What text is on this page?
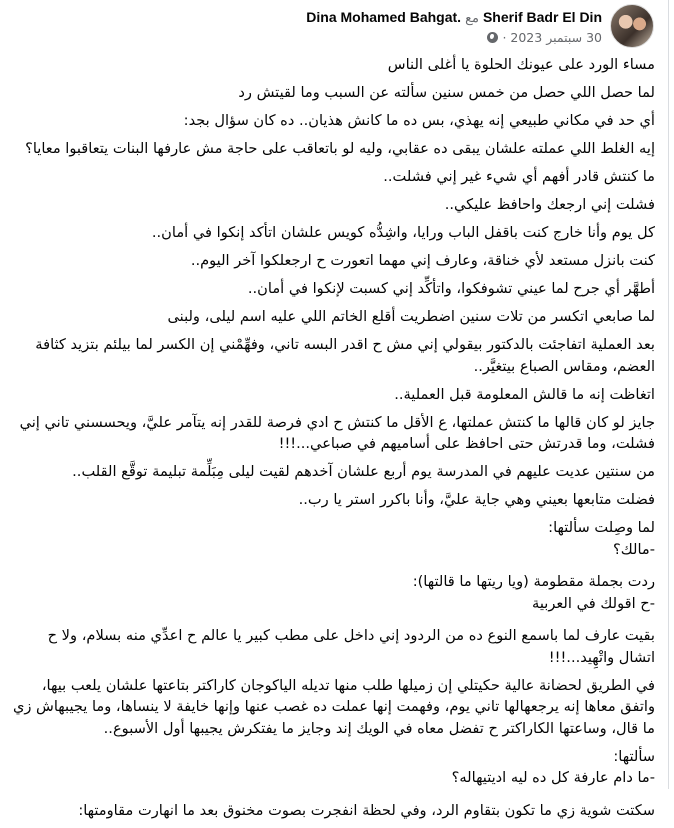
Dina Mohamed Bahgat. مع Sherif Badr El Din
30 سبتمبر 2023 ·
مساء الورد على عيونك الحلوة يا أغلى الناس
لما حصل اللي حصل من خمس سنين سألته عن السبب وما لقيتش رد
أي حد في مكاني طبيعي إنه يهذي، بس ده ما كانش هذيان.. ده كان سؤال بجد:
إيه الغلط اللي عملته علشان يبقى ده عقابي، وليه لو باتعاقب على حاجة مش عارفها البنات يتعاقبوا معايا؟
ما كنتش قادر أفهم أي شيء غير إني فشلت..
فشلت إني ارجعك واحافظ عليكي..
كل يوم وأنا خارج كنت باقفل الباب ورايا، واشِدُّه كويس علشان اتأكد إنكوا في أمان..
كنت بانزل مستعد لأي خناقة، وعارف إني مهما اتعورت ح ارجعلكوا آخر اليوم..
أطهَّر أي جرح لما عيني تشوفكوا، واتأكِّد إني كسبت لإنكوا في أمان..
لما صابعي اتكسر من تلات سنين اضطريت أقلع الخاتم اللي عليه اسم ليلى، ولبنى
بعد العملية اتفاجئت بالدكتور بيقولي إني مش ح اقدر البسه تاني، وفهِّمْني إن الكسر لما بيلئم بتزيد كثافة العضم، ومقاس الصباع بيتغيَّر..
اتغاظت إنه ما قالش المعلومة قبل العملية..
جايز لو كان قالها ما كنتش عملتها، ع الأقل ما كنتش ح ادي فرصة للقدر إنه يتآمر عليَّ، ويحسسني تاني إني فشلت، وما قدرتش حتى احافظ على أساميهم في صباعي...!!!
من سنتين عديت عليهم في المدرسة يوم أربع علشان آخدهم لقيت ليلى مِبَلِّمة تبليمة توقَّع القلب..
فضلت متابعها بعيني وهي جاية عليَّ، وأنا باكرر استر يا رب..
لما وصِلت سألتها:
-مالك؟
ردت بجملة مقطومة (ويا ريتها ما قالتها):
-ح اقولك في العربية
بقيت عارف لما باسمع النوع ده من الردود إني داخل على مطب كبير يا عالم ح اعدِّي منه بسلام، ولا ح اتشال واتْهِيد...!!!
في الطريق لحضانة عالية حكيتلي إن زميلها طلب منها تديله الياكوجان كاراكتر بتاعتها علشان يلعب بيها، واتفق معاها إنه يرجعهالها تاني يوم، وفهمت إنها عملت ده غصب عنها وإنها خايفة لا ينساها، وما يجيبهاش زي ما قال، وساعتها الكاراكتر ح تفضل معاه في الويك إند وجايز ما يفتكرش يجيبها أول الأسبوع..
سألتها:
-ما دام عارفة كل ده ليه اديتيهاله؟
سكتت شوية زي ما تكون بتقاوم الرد، وفي لحظة انفجرت بصوت مخنوق بعد ما انهارت مقاومتها:
